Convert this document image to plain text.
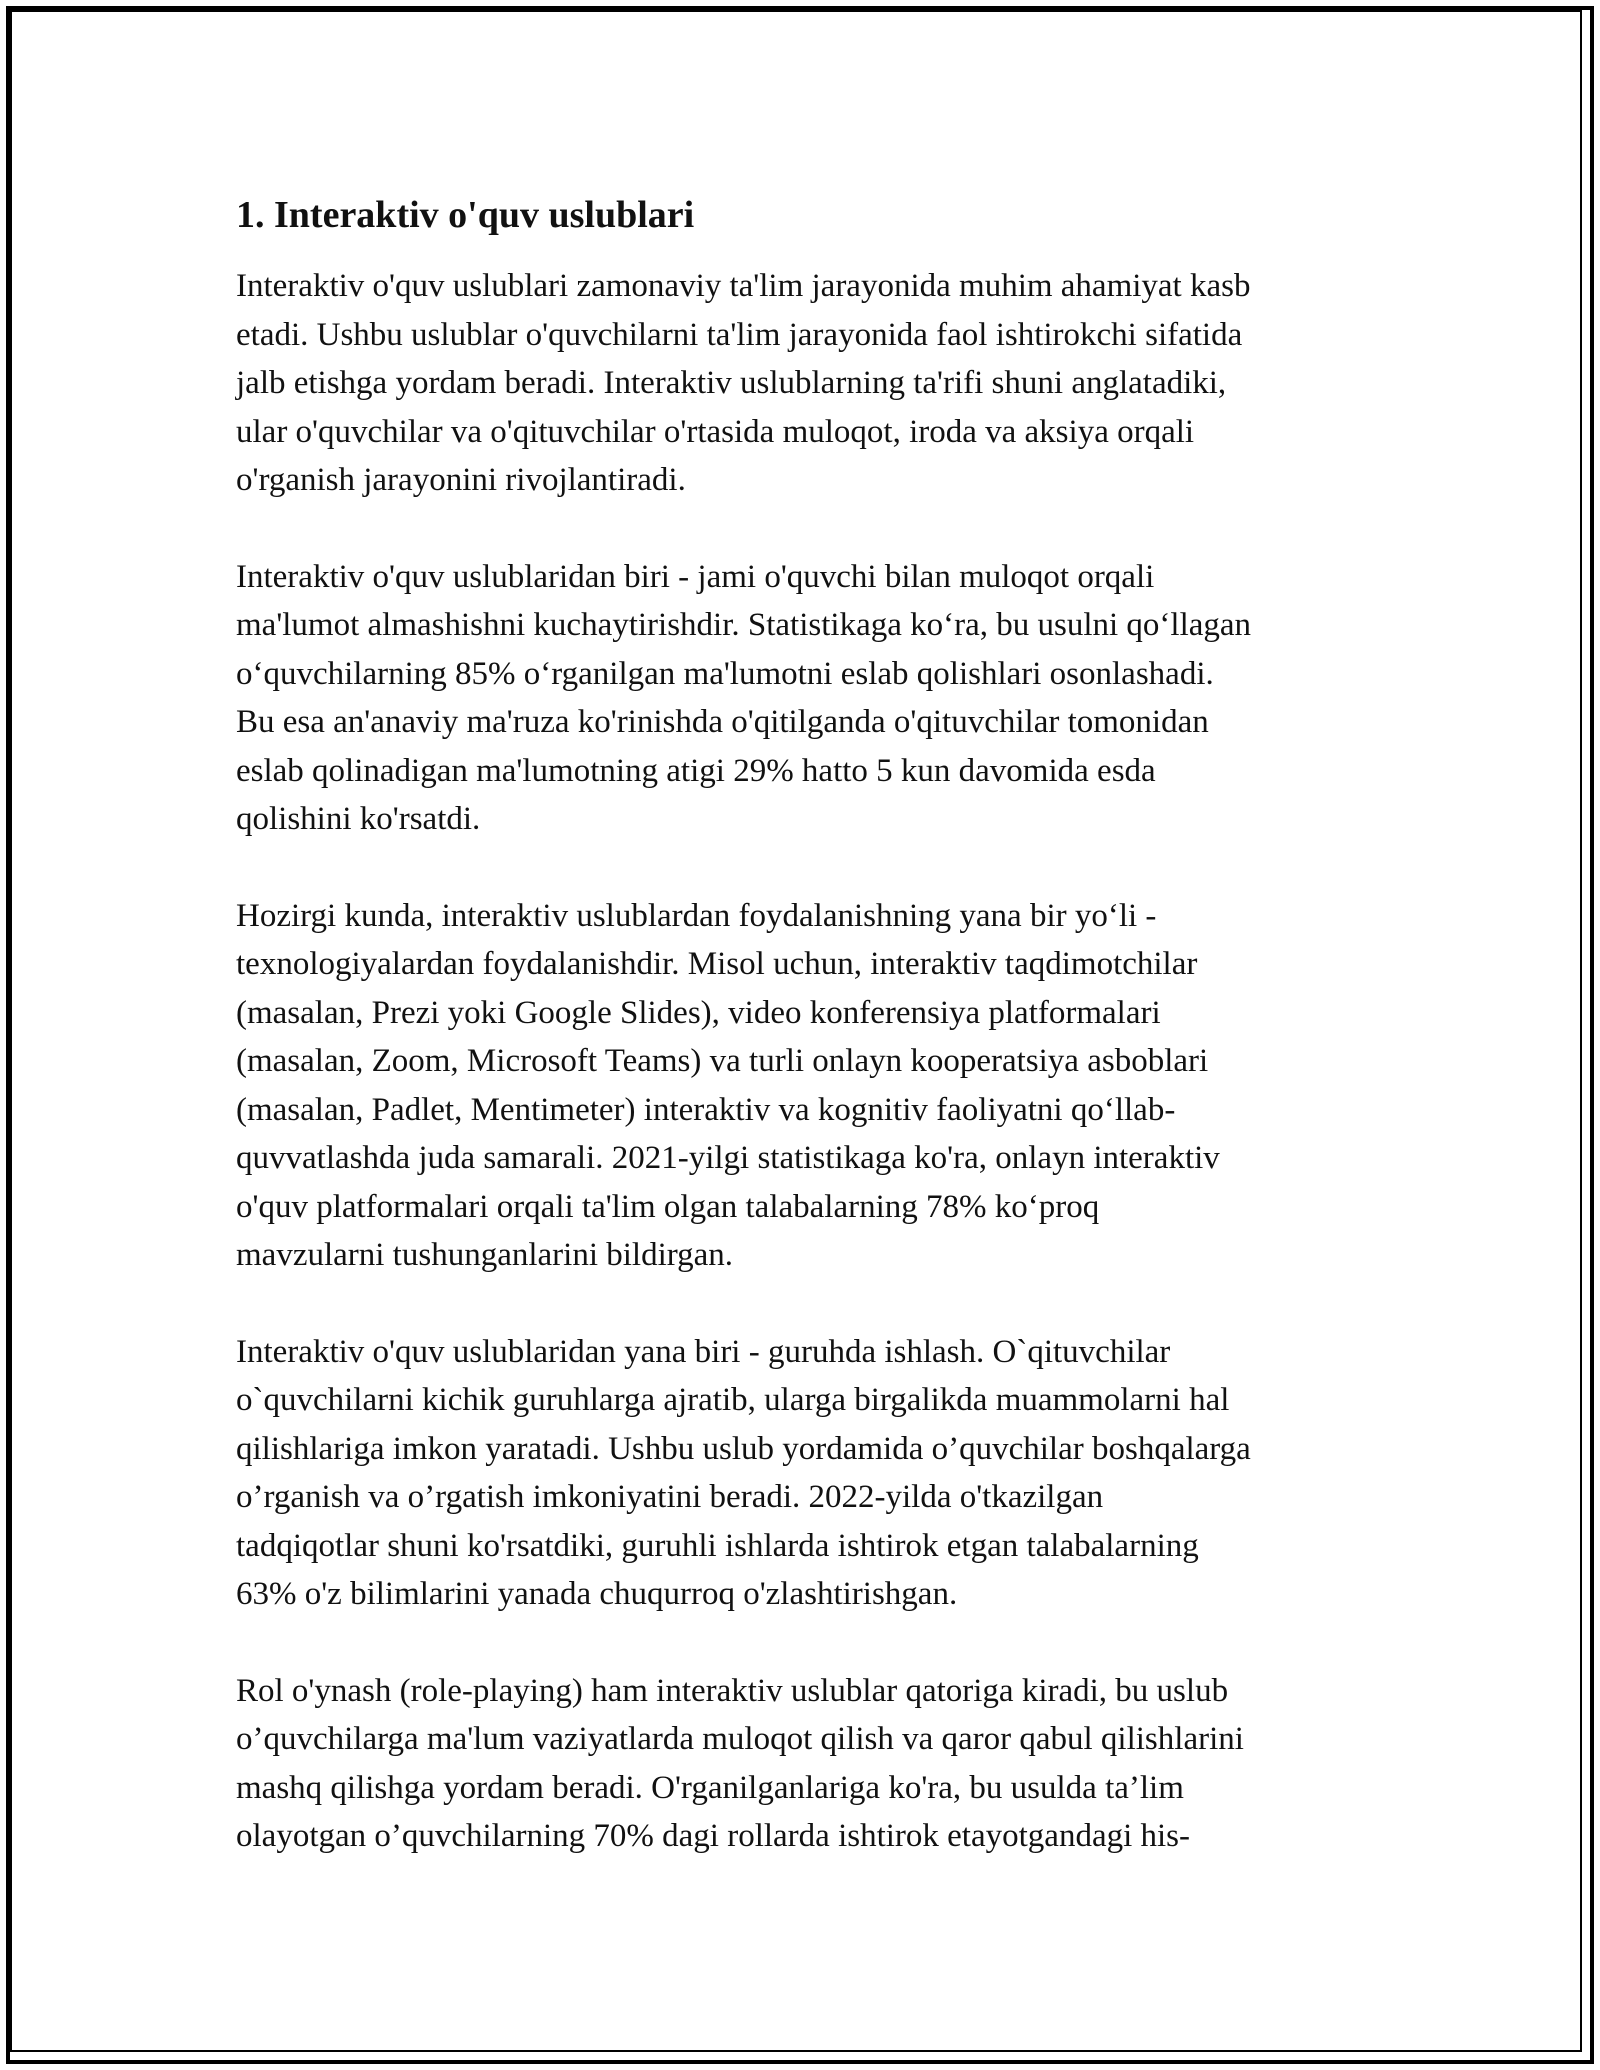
1. Interaktiv o'quv uslublari

Interaktiv o'quv uslublari zamonaviy ta'lim jarayonida muhim ahamiyat kasb
etadi. Ushbu uslublar o'quvchilarni ta'lim jarayonida faol ishtirokchi sifatida
jalb etishga yordam beradi. Interaktiv uslublarning ta'rifi shuni anglatadiki,
ular o'quvchilar va o'qituvchilar o'rtasida muloqot, iroda va aksiya orqali
o'rganish jarayonini rivojlantiradi.

Interaktiv o'quv uslublaridan biri - jami o'quvchi bilan muloqot orqali
ma'lumot almashishni kuchaytirishdir. Statistikaga koʻra, bu usulni qoʻllagan
oʻquvchilarning 85% oʻrganilgan ma'lumotni eslab qolishlari osonlashadi.
Bu esa an'anaviy ma'ruza ko'rinishda o'qitilganda o'qituvchilar tomonidan
eslab qolinadigan ma'lumotning atigi 29% hatto 5 kun davomida esda
qolishini ko'rsatdi.

Hozirgi kunda, interaktiv uslublardan foydalanishning yana bir yoʻli -
texnologiyalardan foydalanishdir. Misol uchun, interaktiv taqdimotchilar
(masalan, Prezi yoki Google Slides), video konferensiya platformalari
(masalan, Zoom, Microsoft Teams) va turli onlayn kooperatsiya asboblari
(masalan, Padlet, Mentimeter) interaktiv va kognitiv faoliyatni qoʻllab-
quvvatlashda juda samarali. 2021-yilgi statistikaga ko'ra, onlayn interaktiv
o'quv platformalari orqali ta'lim olgan talabalarning 78% koʻproq
mavzularni tushunganlarini bildirgan.

Interaktiv o'quv uslublaridan yana biri - guruhda ishlash. O`qituvchilar
o`quvchilarni kichik guruhlarga ajratib, ularga birgalikda muammolarni hal
qilishlariga imkon yaratadi. Ushbu uslub yordamida o’quvchilar boshqalarga
o’rganish va o’rgatish imkoniyatini beradi. 2022-yilda o'tkazilgan
tadqiqotlar shuni ko'rsatdiki, guruhli ishlarda ishtirok etgan talabalarning
63% o'z bilimlarini yanada chuqurroq o'zlashtirishgan.

Rol o'ynash (role-playing) ham interaktiv uslublar qatoriga kiradi, bu uslub
o’quvchilarga ma'lum vaziyatlarda muloqot qilish va qaror qabul qilishlarini
mashq qilishga yordam beradi. O'rganilganlariga ko'ra, bu usulda ta’lim
olayotgan o’quvchilarning 70% dagi rollarda ishtirok etayotgandagi his-
